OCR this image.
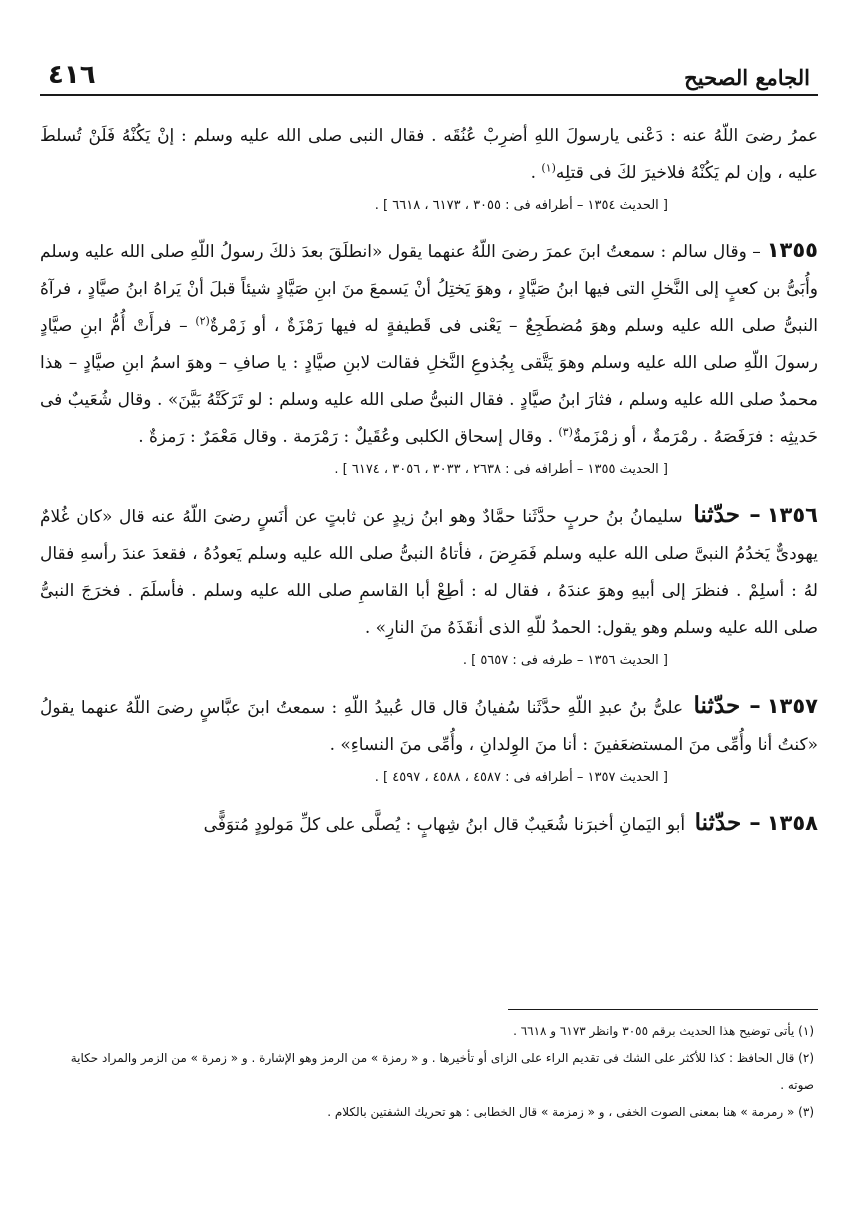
الجامع الصحيح
٤١٦

عمرُ رضىَ اللّهُ عنه : دَعْنى يارسولَ اللهِ أضرِبْ عُنُقَه . فقال النبى صلى الله عليه وسلم : إنْ يَكُنْهُ فَلَنْ تُسلطَ عليه ، وإن لم يَكُنْهُ فلاخيرَ لكَ فى قتلِه$^{(١)}$ .

[ الحديث ١٣٥٤ – أطرافه فى : ٣٠٥٥ ، ٦١٧٣ ، ٦٦١٨ ] .

١٣٥٥– وقال سالم : سمعتُ ابنَ عمرَ رضىَ اللّهُ عنهما يقول «انطلَقَ بعدَ ذلكَ رسولُ اللّهِ صلى الله عليه وسلم وأُبَىُّ بن كعبٍ إلى النَّخلِ التى فيها ابنُ صَيَّادٍ ، وهوَ يَختِلُ أنْ يَسمعَ منَ ابنِ صَيَّادٍ شيئاً قبلَ أنْ يَراهُ ابنُ صيَّادٍ ، فرآهُ النبىُّ صلى الله عليه وسلم وهوَ مُضطَجِعٌ – يَعْنى فى قَطيفةٍ له فيها رَمْزَةٌ ، أو زَمْرةٌ$^{(٢)}$ – فرأَتْ أُمُّ ابنِ صيَّادٍ رسولَ اللّهِ صلى الله عليه وسلم وهوَ يَتَّقى بِجُذوعِ النَّخلِ فقالت لابنِ صيَّادٍ : يا صافِ – وهوَ اسمُ ابنِ صيَّادٍ – هذا محمدٌ صلى الله عليه وسلم ، فثارَ ابنُ صيَّادٍ . فقال النبىُّ صلى الله عليه وسلم : لو تَرَكَتْهُ بَيَّنَ» . وقال شُعَيبٌ فى حَديثِه : فرَفَصَهُ . رمْرَمةٌ ، أو زمْزَمةٌ$^{(٣)}$ . وقال إسحاق الكلبى وعُقَيلٌ : رَمْرَمة . وقال مَعْمَرٌ : رَمزةٌ .

[ الحديث ١٣٥٥ – أطرافه فى : ٢٦٣٨ ، ٣٠٣٣ ، ٣٠٥٦ ، ٦١٧٤ ] .

١٣٥٦– حدّثنا سليمانُ بنُ حربٍ حدَّثَنا حمَّادٌ وهو ابنُ زيدٍ عن ثابتٍ عن أنَسٍ رضىَ اللّهُ عنه قال «كان غُلامٌ يهودىٌّ يَخدُمُ النبىَّ صلى الله عليه وسلم فَمَرِضَ ، فأتاهُ النبىُّ صلى الله عليه وسلم يَعودُهُ ، فقعدَ عندَ رأسهِ فقال لهُ : أسلِمْ . فنظرَ إلى أبيهِ وهوَ عندَهُ ، فقال له : أطِعْ أبا القاسمِ صلى الله عليه وسلم . فأسلَمَ . فخرَجَ النبىُّ صلى الله عليه وسلم وهو يقول: الحمدُ للّهِ الذى أنقَذَهُ منَ النارِ» .

[ الحديث ١٣٥٦ – طرفه فى : ٥٦٥٧ ] .

١٣٥٧– حدّثنا علىُّ بنُ عبدِ اللّهِ حدَّثَنا سُفيانُ قال قال عُبيدُ اللّهِ : سمعتُ ابنَ عبَّاسٍ رضىَ اللّهُ عنهما يقولُ «كنتُ أنا وأُمِّى منَ المستضعَفينَ : أنا منَ الوِلدانِ ، وأُمِّى منَ النساءِ» .

[ الحديث ١٣٥٧ – أطرافه فى : ٤٥٨٧ ، ٤٥٨٨ ، ٤٥٩٧ ] .

١٣٥٨– حدّثنا أبو اليَمانِ أخبرَنا شُعَيبٌ قال ابنُ شِهابٍ : يُصلَّى على كلِّ مَولودٍ مُتوَفًّى

(١) يأتى توضيح هذا الحديث برقم ٣٠٥٥ وانظر ٦١٧٣ و ٦٦١٨ .

(٢) قال الحافظ : كذا للأكثر على الشك فى تقديم الراء على الزاى أو تأخيرها . و « رمزة » من الرمز وهو الإشارة . و « زمرة » من الزمر والمراد حكاية صوته .

(٣) « رمرمة » هنا بمعنى الصوت الخفى ، و « زمزمة » قال الخطابى : هو تحريك الشفتين بالكلام .
